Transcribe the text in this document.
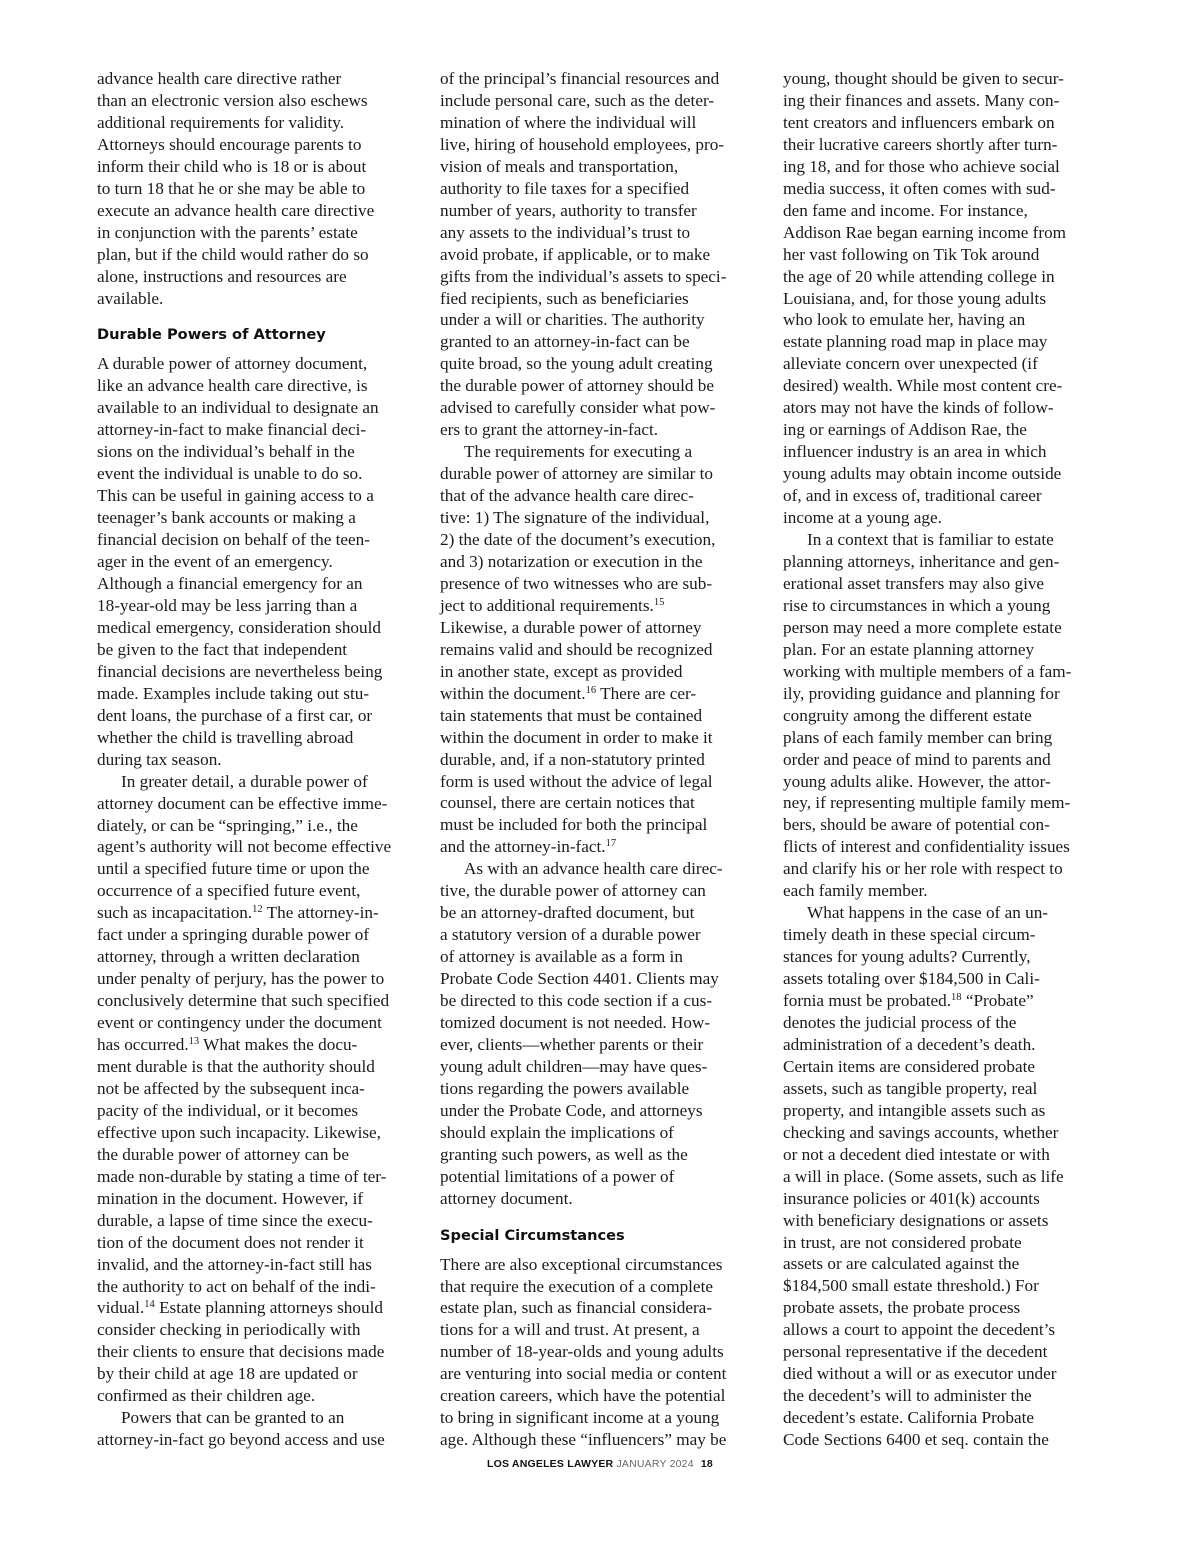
advance health care directive rather
than an electronic version also eschews
additional requirements for validity.
Attorneys should encourage parents to
inform their child who is 18 or is about
to turn 18 that he or she may be able to
execute an advance health care directive
in conjunction with the parents’ estate
plan, but if the child would rather do so
alone, instructions and resources are
available.
Durable Powers of Attorney
A durable power of attorney document,
like an advance health care directive, is
available to an individual to designate an
attorney-in-fact to make financial deci-
sions on the individual’s behalf in the
event the individual is unable to do so.
This can be useful in gaining access to a
teenager’s bank accounts or making a
financial decision on behalf of the teen-
ager in the event of an emergency.
Although a financial emergency for an
18-year-old may be less jarring than a
medical emergency, consideration should
be given to the fact that independent
financial decisions are nevertheless being
made. Examples include taking out stu-
dent loans, the purchase of a first car, or
whether the child is travelling abroad
during tax season.
In greater detail, a durable power of
attorney document can be effective imme-
diately, or can be “springing,” i.e., the
agent’s authority will not become effective
until a specified future time or upon the
occurrence of a specified future event,
such as incapacitation.$^{12}$ The attorney-in-
fact under a springing durable power of
attorney, through a written declaration
under penalty of perjury, has the power to
conclusively determine that such specified
event or contingency under the document
has occurred.$^{13}$ What makes the docu-
ment durable is that the authority should
not be affected by the subsequent inca-
pacity of the individual, or it becomes
effective upon such incapacity. Likewise,
the durable power of attorney can be
made non-durable by stating a time of ter-
mination in the document. However, if
durable, a lapse of time since the execu-
tion of the document does not render it
invalid, and the attorney-in-fact still has
the authority to act on behalf of the indi-
vidual.$^{14}$ Estate planning attorneys should
consider checking in periodically with
their clients to ensure that decisions made
by their child at age 18 are updated or
confirmed as their children age.
Powers that can be granted to an
attorney-in-fact go beyond access and use
of the principal’s financial resources and
include personal care, such as the deter-
mination of where the individual will
live, hiring of household employees, pro-
vision of meals and transportation,
authority to file taxes for a specified
number of years, authority to transfer
any assets to the individual’s trust to
avoid probate, if applicable, or to make
gifts from the individual’s assets to speci-
fied recipients, such as beneficiaries
under a will or charities. The authority
granted to an attorney-in-fact can be
quite broad, so the young adult creating
the durable power of attorney should be
advised to carefully consider what pow-
ers to grant the attorney-in-fact.
The requirements for executing a
durable power of attorney are similar to
that of the advance health care direc-
tive: 1) The signature of the individual,
2) the date of the document’s execution,
and 3) notarization or execution in the
presence of two witnesses who are sub-
ject to additional requirements.$^{15}$
Likewise, a durable power of attorney
remains valid and should be recognized
in another state, except as provided
within the document.$^{16}$ There are cer-
tain statements that must be contained
within the document in order to make it
durable, and, if a non-statutory printed
form is used without the advice of legal
counsel, there are certain notices that
must be included for both the principal
and the attorney-in-fact.$^{17}$
As with an advance health care direc-
tive, the durable power of attorney can
be an attorney-drafted document, but
a statutory version of a durable power
of attorney is available as a form in
Probate Code Section 4401. Clients may
be directed to this code section if a cus-
tomized document is not needed. How-
ever, clients—whether parents or their
young adult children—may have ques-
tions regarding the powers available
under the Probate Code, and attorneys
should explain the implications of
granting such powers, as well as the
potential limitations of a power of
attorney document.
Special Circumstances
There are also exceptional circumstances
that require the execution of a complete
estate plan, such as financial considera-
tions for a will and trust. At present, a
number of 18-year-olds and young adults
are venturing into social media or content
creation careers, which have the potential
to bring in significant income at a young
age. Although these “influencers” may be
young, thought should be given to secur-
ing their finances and assets. Many con-
tent creators and influencers embark on
their lucrative careers shortly after turn-
ing 18, and for those who achieve social
media success, it often comes with sud-
den fame and income. For instance,
Addison Rae began earning income from
her vast following on Tik Tok around
the age of 20 while attending college in
Louisiana, and, for those young adults
who look to emulate her, having an
estate planning road map in place may
alleviate concern over unexpected (if
desired) wealth. While most content cre-
ators may not have the kinds of follow-
ing or earnings of Addison Rae, the
influencer industry is an area in which
young adults may obtain income outside
of, and in excess of, traditional career
income at a young age.
In a context that is familiar to estate
planning attorneys, inheritance and gen-
erational asset transfers may also give
rise to circumstances in which a young
person may need a more complete estate
plan. For an estate planning attorney
working with multiple members of a fam-
ily, providing guidance and planning for
congruity among the different estate
plans of each family member can bring
order and peace of mind to parents and
young adults alike. However, the attor-
ney, if representing multiple family mem-
bers, should be aware of potential con-
flicts of interest and confidentiality issues
and clarify his or her role with respect to
each family member.
What happens in the case of an un-
timely death in these special circum-
stances for young adults? Currently,
assets totaling over $184,500 in Cali-
fornia must be probated.$^{18}$ “Probate”
denotes the judicial process of the
administration of a decedent’s death.
Certain items are considered probate
assets, such as tangible property, real
property, and intangible assets such as
checking and savings accounts, whether
or not a decedent died intestate or with
a will in place. (Some assets, such as life
insurance policies or 401(k) accounts
with beneficiary designations or assets
in trust, are not considered probate
assets or are calculated against the
$184,500 small estate threshold.) For
probate assets, the probate process
allows a court to appoint the decedent’s
personal representative if the decedent
died without a will or as executor under
the decedent’s will to administer the
decedent’s estate. California Probate
Code Sections 6400 et seq. contain the
LOS ANGELES LAWYER JANUARY 2024 18
